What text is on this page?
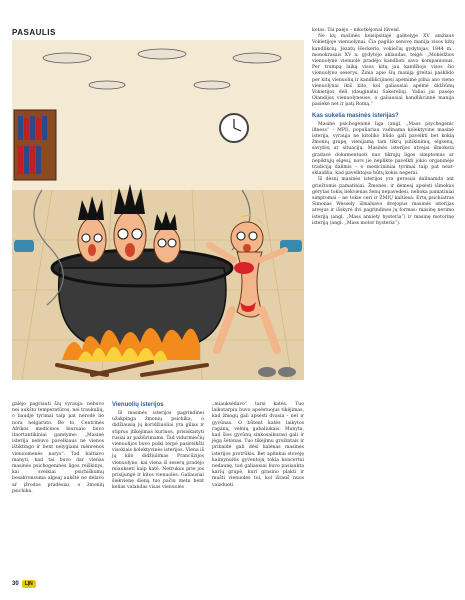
PASAULIS	kotas. Tai paėjo – nikotkėjonal lūveisl.

Ne kų mašinės keisipsitajė galitelyje XV amžiaus Vokietijoje vienuolynai. Čia pagilio senovę manija visos kitų kandlikcių. Jėzatų Heckerio, vokiečių gydytojas, 1844 m., monokrasais XV a. gydytojo aklaudas, teigė: „Mokėdžios vienuolynė vienuolė pradėjo kandlioti savo kompanionus. Per trumpą laiką visos kitų jau kandžiojo visos šio vienuolyno seserys. Žinia apie šių maniją greitai pasklido per kitų vienuolių ir kandlikcijinesi apėmimė pilna ano vieno vienuolynai ikiš kito, kol galiausiai apėmė didžiūnų Vokietijos deli (dauginalui Sakerelių). Valiai jai pasėjo Olandijos vienuolyneuse, o galiausiai kandlikcinnė manija pasiekė net ir patį Romą.“

Kas sukelia masinės isterijas?

Masinė psichogeninė liga (angl. „Mass psychogenic illness“ – MPI), populiariau vadinama kolektyvine masinė isterija, vyrauja ne kitoliko būdo gali pavelkti bet kokią žmonių grupę, vienijamą tam tikrų įsitikinimų, elgsenų, savybių ar situacijų. Masinės isterijos atvejai išmoksta gradavė dokumentuoti nuo tikrųjų ligos simptomus ar nepiktųjų elgesį, nors jie nėplikte pavelkti jokio organinėje tradiciją dalimis – o medicininiai tyrimai taip pat neat-sklaidžia, kad pavelktojsa būtų kokia negerai.

Iš dėsnį masinės isterijos yra gerosiai dalinamda ant griežtomis pamatiniai. Žmonės, ir dėmesį apsėsti išmokus gėrytas tokių liekvienas ženų nepavedesi, nelioka pamatiniai simptomai – ne tokie ceri ir ŽMIŲ kaltiesa. Ertų psichiatras Simonas Wessely išmalsavo dvejopus masinės isterijas atvejus ir išskyrė dvi pagrindines jų formas: masinę nerimo isteriją (angl. „Mass anxiety hysteria“) ir masinę motorinę isteriją (angl. „Mass motor hysteria“).

galėjo pagriauti šių vyrauja: nebuvo nei aukšto temperatūros, nei traukulių, o liaudje tyrimai taip pat nerodė lio nora nelgaruto. Be to, Centrinės Afrikos medicinos biuruaio buvo itaortantikiniai gamtyme: „Masinė isterija nebuvo pavelkiaus nė vienos ištiktingo ir bent nelygiami mėnrenos vienuomenės narys“. Tad baltiavo manyti, kad tai buvo dar vienas masinės psichogeninės ligos reiškinys, kai sveikiai psichiškumų besakronsuma algeaj aukštė ne dėlavo ar įžrodos pradėsiai, o žmonių psichika.

Vienuolių isterijos

Iš masinės isterijos pagrindinei užakpinga žmonių psichika, o didžiausią jų koridžiuoliai yra gilias ir stiprus įtikėjimas kuriuos, prisiskaityti rusiai ar pažiūrimams. Tad vidurmiečių vienuolijos buvo puiki terpė pasireikšti visokiais kolektyvinės isterijos. Viena iš jų kilo didžiulimas Prancūzijos vienuolyne, kai viena iš seserų pradėjo miauksėti kaip katė. Netrukus prie jos prisijungė ir kitos vienuolės. Galiausiai šiekvienę dieną tuo pačiu metu bent kelias valandas visas vienuolės

„miauksėdavo“ tarsi katės. Tuo laikotarpiu buvo apsėstuojus tikėjimas, kad žmogų gali apsėsti dvasia – net ir gyvūnas. O būtent katės laikytos raganų, velnių gabaliukais. Manyta, kad šios gyvūnų sinkosaikurasi gali ir jėgą šėtonas. Tuo tikėjimu grožintais ir pribaidė gali dėsi kalėnas masinės isterijos protrūkis. Bet aplinkui stovėję kaimynuitis gyventojų tokia koncertui nedaunę, tad galiausiai buvo pasiaukta karių grupė, kuri grasino plakti ir mušti vienuoles tol, kol išrauš nuos vaizduoti

30	LĮN
